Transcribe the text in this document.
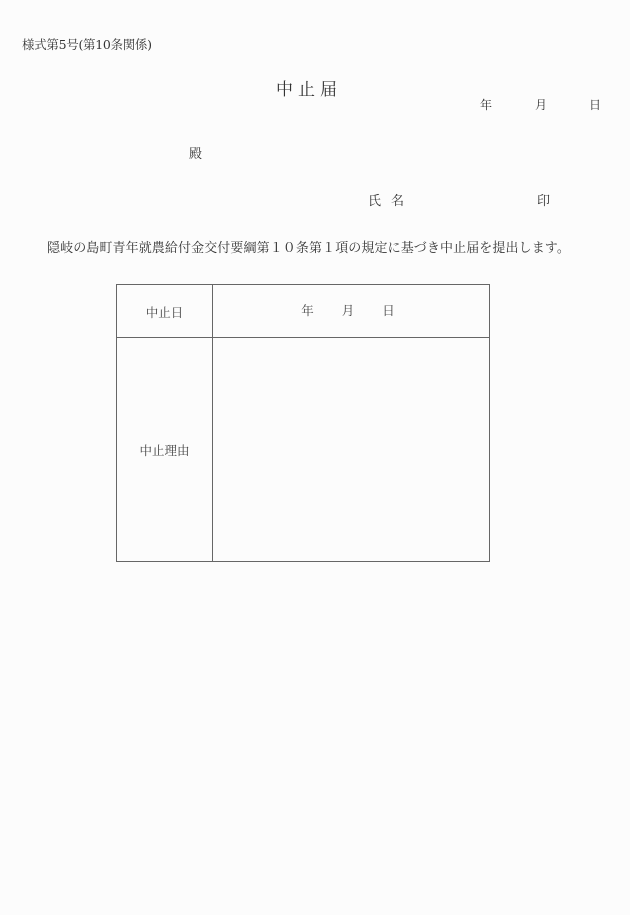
様式第5号(第10条関係)
中止届
年	月	日
殿
氏名	印
隠岐の島町青年就農給付金交付要綱第１０条第１項の規定に基づき中止届を提出します。
中止日	年 月 日

中止理由	
